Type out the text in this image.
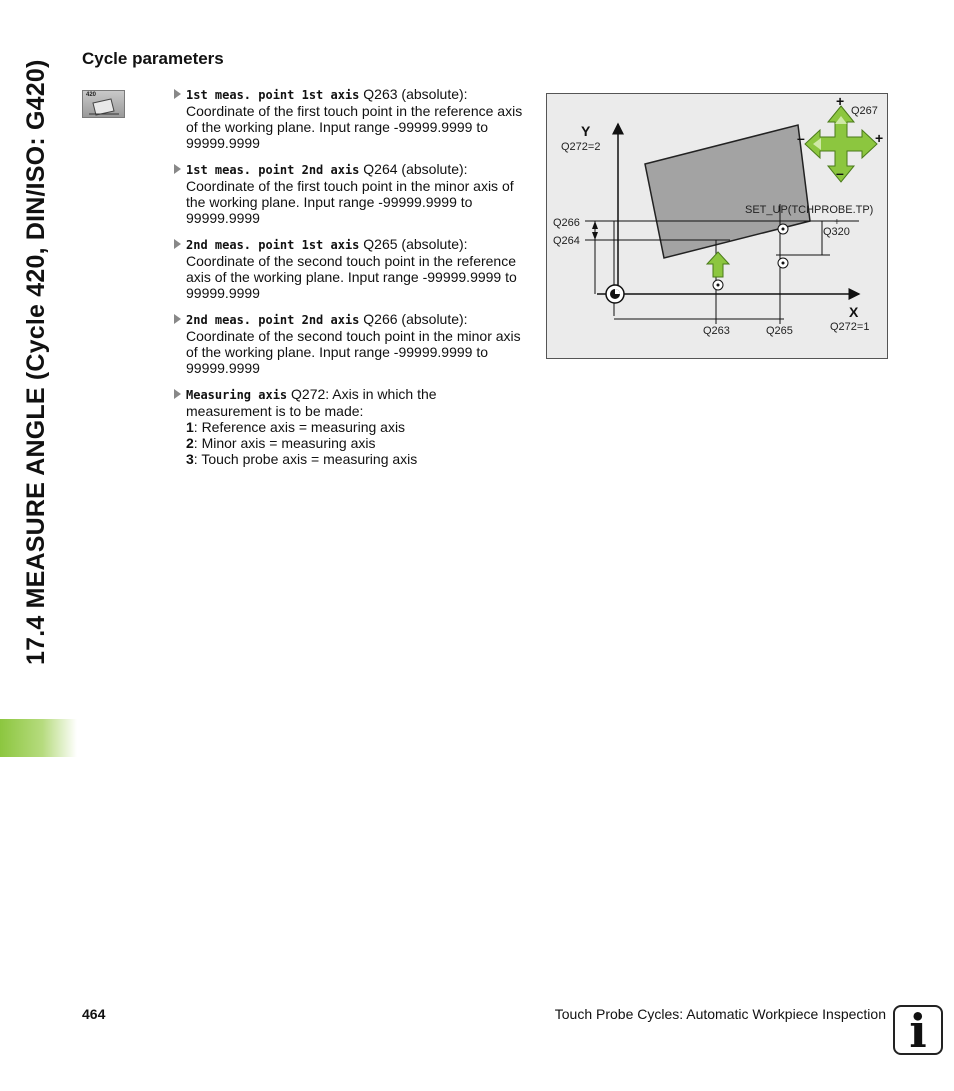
17.4 MEASURE ANGLE (Cycle 420, DIN/ISO: G420)
Cycle parameters
420	1st meas. point 1st axis Q263 (absolute):
Coordinate of the first touch point in the reference axis of the working plane. Input range -99999.9999 to 99999.9999
1st meas. point 2nd axis Q264 (absolute):
Coordinate of the first touch point in the minor axis of the working plane. Input range -99999.9999 to 99999.9999
2nd meas. point 1st axis Q265 (absolute):
Coordinate of the second touch point in the reference axis of the working plane. Input range -99999.9999 to 99999.9999
2nd meas. point 2nd axis Q266 (absolute):
Coordinate of the second touch point in the minor axis of the working plane. Input range -99999.9999 to 99999.9999
Measuring axis Q272: Axis in which the
measurement is to be made:
1: Reference axis = measuring axis
2: Minor axis = measuring axis
3: Touch probe axis = measuring axis
Y
Q272=2
X
Q272=1
Q267
+
+
–
–
SET_UP(TCHPROBE.TP)
+
Q320
Q266
Q264
Q263	Q265
464	Touch Probe Cycles: Automatic Workpiece Inspection i
